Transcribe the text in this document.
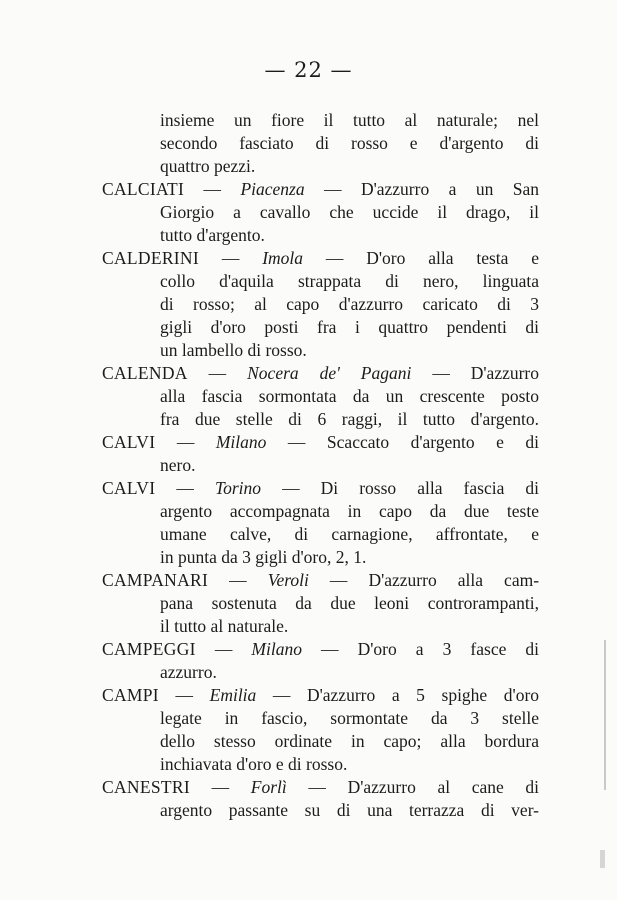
— 22 —
insieme un fiore il tutto al naturale; nel
secondo fasciato di rosso e d'argento di
quattro pezzi.
CALCIATI — Piacenza — D'azzurro a un San
Giorgio a cavallo che uccide il drago, il
tutto d'argento.
CALDERINI — Imola — D'oro alla testa e
collo d'aquila strappata di nero, linguata
di rosso; al capo d'azzurro caricato di 3
gigli d'oro posti fra i quattro pendenti di
un lambello di rosso.
CALENDA — Nocera de' Pagani — D'azzurro
alla fascia sormontata da un crescente posto
fra due stelle di 6 raggi, il tutto d'argento.
CALVI — Milano — Scaccato d'argento e di
nero.
CALVI — Torino — Di rosso alla fascia di
argento accompagnata in capo da due teste
umane calve, di carnagione, affrontate, e
in punta da 3 gigli d'oro, 2, 1.
CAMPANARI — Veroli — D'azzurro alla cam-
pana sostenuta da due leoni controrampanti,
il tutto al naturale.
CAMPEGGI — Milano — D'oro a 3 fasce di
azzurro.
CAMPI — Emilia — D'azzurro a 5 spighe d'oro
legate in fascio, sormontate da 3 stelle
dello stesso ordinate in capo; alla bordura
inchiavata d'oro e di rosso.
CANESTRI — Forlì — D'azzurro al cane di
argento passante su di una terrazza di ver-
